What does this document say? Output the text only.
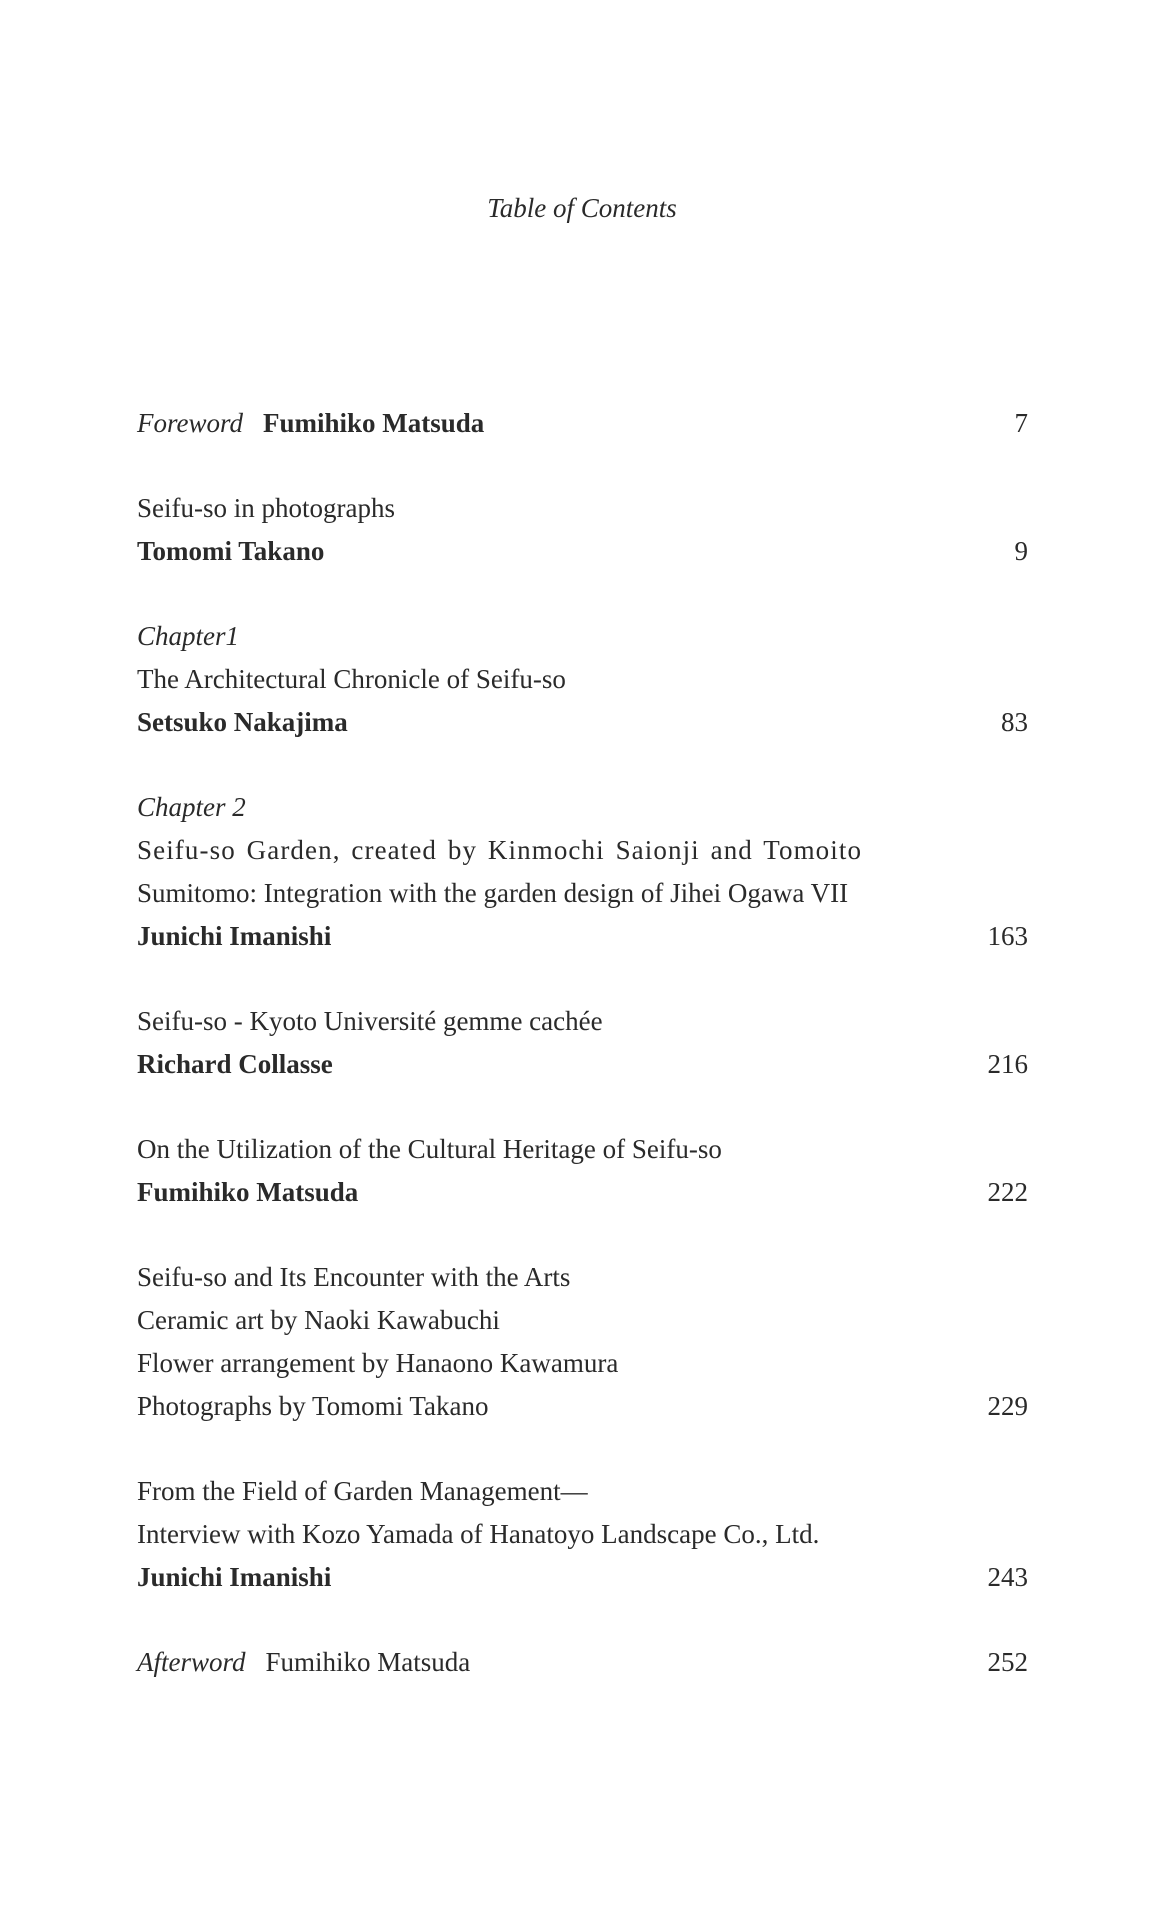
Table of Contents
Foreword Fumihiko Matsuda	7
Seifu-so in photographs
Tomomi Takano	9
Chapter1
The Architectural Chronicle of Seifu-so
Setsuko Nakajima	83
Chapter 2
Seifu-so Garden, created by Kinmochi Saionji and Tomoito
Sumitomo: Integration with the garden design of Jihei Ogawa VII
Junichi Imanishi	163
Seifu-so - Kyoto Université gemme cachée
Richard Collasse	216
On the Utilization of the Cultural Heritage of Seifu-so
Fumihiko Matsuda	222
Seifu-so and Its Encounter with the Arts
Ceramic art by Naoki Kawabuchi
Flower arrangement by Hanaono Kawamura
Photographs by Tomomi Takano	229
From the Field of Garden Management—
Interview with Kozo Yamada of Hanatoyo Landscape Co., Ltd.
Junichi Imanishi	243
Afterword Fumihiko Matsuda	252
